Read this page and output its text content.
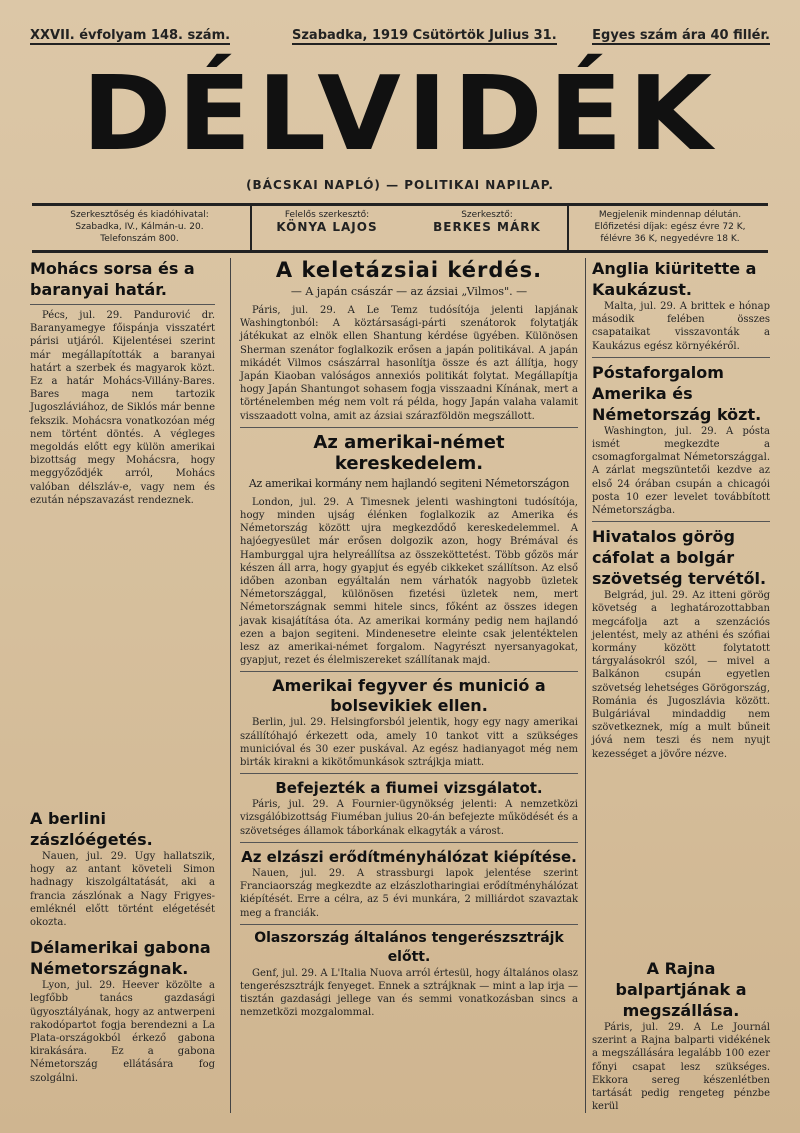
XXVII. évfolyam 148. szám.	Szabadka, 1919 Csütörtök Julius 31.	Egyes szám ára 40 fillér.
DÉLVIDÉK
(BÁCSKAI NAPLÓ) — POLITIKAI NAPILAP.
Szerkesztőség és kiadóhivatal:
Szabadka, IV., Kálmán-u. 20.
Telefonszám 800.
Felelős szerkesztő:
KÖNYA LAJOS
Szerkesztő:
BERKES MÁRK
Megjelenik mindennap délután.
Előfizetési díjak: egész évre 72 K,
félévre 36 K, negyedévre 18 K.
Mohács sorsa és a baranyai határ.

Pécs, jul. 29. Pandurović dr. Baranyamegye főispánja visszatért párisi utjáról. Kijelentései szerint már megállapították a baranyai határt a szerbek és magyarok közt. Ez a határ Mohács-Villány-Bares. Bares maga nem tartozik Jugoszláviához, de Siklós már benne fekszik. Mohácsra vonatkozóan még nem történt döntés. A végleges megoldás előtt egy külön amerikai bizottság megy Mohácsra, hogy meggyőződjék arról, Mohács valóban délszláv-e, vagy nem és ezután népszavazást rendeznek.

A berlini zászlóégetés.

Nauen, jul. 29. Ugy hallatszik, hogy az antant követeli Simon hadnagy kiszolgáltatását, aki a francia zászlónak a Nagy Frigyes-emléknél előtt történt elégetését okozta.

Délamerikai gabona Németországnak.

Lyon, jul. 29. Heever közölte a legfőbb tanács gazdasági ügyosztályának, hogy az antwerpeni rakodópartot fogja berendezni a La Plata-országokból érkező gabona kirakására. Ez a gabona Németország ellátására fog szolgálni.

A keletázsiai kérdés.
— A japán császár — az ázsiai „Vilmos". —

Páris, jul. 29. A Le Temz tudósítója jelenti lapjának Washingtonból: A köztársasági-párti szenátorok folytatják játékukat az elnök ellen Shantung kérdése ügyében. Különösen Sherman szenátor foglalkozik erősen a japán politikával. A japán mikádét Vilmos császárral hasonlítja össze és azt állítja, hogy Japán Kiaoban valóságos annexiós politikát folytat. Megállapítja hogy Japán Shantungot sohasem fogja visszaadni Kínának, mert a történelemben még nem volt rá példa, hogy Japán valaha valamit visszaadott volna, amit az ázsiai szárazföldön megszállott.

Az amerikai-német kereskedelem.
Az amerikai kormány nem hajlandó segiteni Németországon

London, jul. 29. A Timesnek jelenti washingtoni tudósítója, hogy minden ujság élénken foglalkozik az Amerika és Németország között ujra megkezdődő kereskedelemmel. A hajóegyesület már erősen dolgozik azon, hogy Brémával és Hamburggal ujra helyreállítsa az összeköttetést. Több gőzös már készen áll arra, hogy gyapjut és egyéb cikkeket szállítson. Az első időben azonban egyáltalán nem várhatók nagyobb üzletek Németországgal, különösen fizetési üzletek nem, mert Németországnak semmi hitele sincs, főként az összes idegen javak kisajátítása óta. Az amerikai kormány pedig nem hajlandó ezen a bajon segiteni. Mindenesetre eleinte csak jelentéktelen lesz az amerikai-német forgalom. Nagyrészt nyersanyagokat, gyapjut, rezet és élelmiszereket szállítanak majd.

Amerikai fegyver és munició a bolsevikiek ellen.

Berlin, jul. 29. Helsingforsból jelentik, hogy egy nagy amerikai szállítóhajó érkezett oda, amely 10 tankot vitt a szükséges municióval és 30 ezer puskával. Az egész hadianyagot még nem birták kirakni a kikötőmunkások sztrájkja miatt.

Befejezték a fiumei vizsgálatot.

Páris, jul. 29. A Fournier-ügynökség jelenti: A nemzetközi vizsgálóbizottság Fiuméban julius 20-án befejezte működését és a szövetséges államok táborkának elkagyták a várost.

Az elzászi erődítményhálózat kiépítése.

Nauen, jul. 29. A strassburgi lapok jelentése szerint Franciaország megkezdte az elzászlotharingiai erődítményhálózat kiépítését. Erre a célra, az 5 évi munkára, 2 milliárdot szavaztak meg a franciák.

Olaszország általános tengerészsztrájk előtt.

Genf, jul. 29. A L'Italia Nuova arról értesül, hogy általános olasz tengerészsztrájk fenyeget. Ennek a sztrájknak — mint a lap irja — tisztán gazdasági jellege van és semmi vonatkozásban sincs a nemzetközi mozgalommal.

Anglia kiüritette a Kaukázust.

Malta, jul. 29. A brittek e hónap második felében összes csapataikat visszavonták a Kaukázus egész környékéről.

Póstaforgalom Amerika és Németország közt.

Washington, jul. 29. A pósta ismét megkezdte a csomagforgalmat Németországgal. A zárlat megszüntetői kezdve az első 24 órában csupán a chicagói posta 10 ezer levelet továbbított Németországba.

Hivatalos görög cáfolat a bolgár szövetség tervétől.

Belgrád, jul. 29. Az itteni görög követség a leghatározottabban megcáfolja azt a szenzációs jelentést, mely az athéni és szófiai kormány között folytatott tárgyalásokról szól, — mivel a Balkánon csupán egyetlen szövetség lehetséges Görögország, Románia és Jugoszlávia között. Bulgáriával mindaddig nem szövetkeznek, míg a mult bűneit jóvá nem teszi és nem nyujt kezességet a jövőre nézve.

A Rajna balpartjának a megszállása.

Páris, jul. 29. A Le Journál szerint a Rajna balparti vidékének a megszállására legalább 100 ezer főnyi csapat lesz szükséges. Ekkora sereg készenlétben tartását pedig rengeteg pénzbe kerül
